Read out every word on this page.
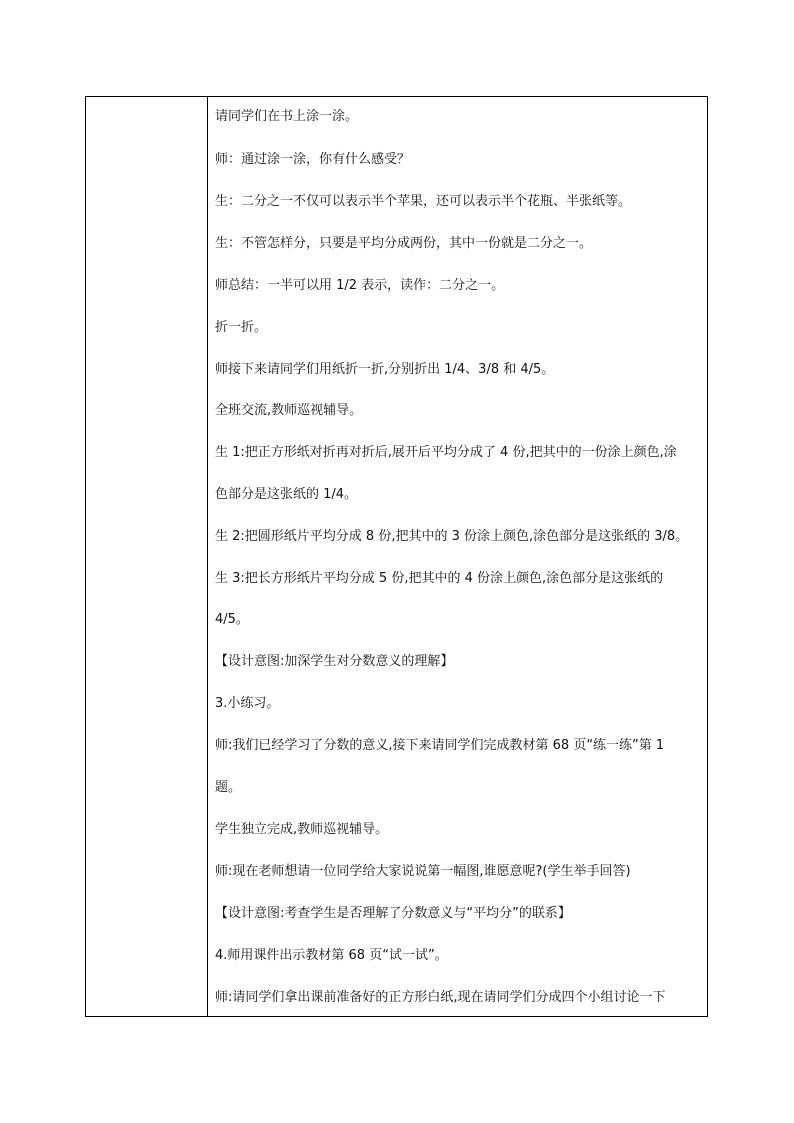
请同学们在书上涂一涂。
师：通过涂一涂，你有什么感受？
生：二分之一不仅可以表示半个苹果，还可以表示半个花瓶、半张纸等。
生：不管怎样分，只要是平均分成两份，其中一份就是二分之一。
师总结：一半可以用 1/2 表示，读作：二分之一。
折一折。
师接下来请同学们用纸折一折,分别折出 1/4、3/8 和 4/5。
全班交流,教师巡视辅导。
生 1:把正方形纸对折再对折后,展开后平均分成了 4 份,把其中的一份涂上颜色,涂
色部分是这张纸的 1/4。
生 2:把圆形纸片平均分成 8 份,把其中的 3 份涂上颜色,涂色部分是这张纸的 3/8。
生 3:把长方形纸片平均分成 5 份,把其中的 4 份涂上颜色,涂色部分是这张纸的
4/5。
【设计意图:加深学生对分数意义的理解】
3.小练习。
师:我们已经学习了分数的意义,接下来请同学们完成教材第 68 页“练一练”第 1
题。
学生独立完成,教师巡视辅导。
师:现在老师想请一位同学给大家说说第一幅图,谁愿意呢?(学生举手回答)
【设计意图:考查学生是否理解了分数意义与“平均分”的联系】
4.师用课件出示教材第 68 页“试一试”。
师:请同学们拿出课前准备好的正方形白纸,现在请同学们分成四个小组讨论一下
